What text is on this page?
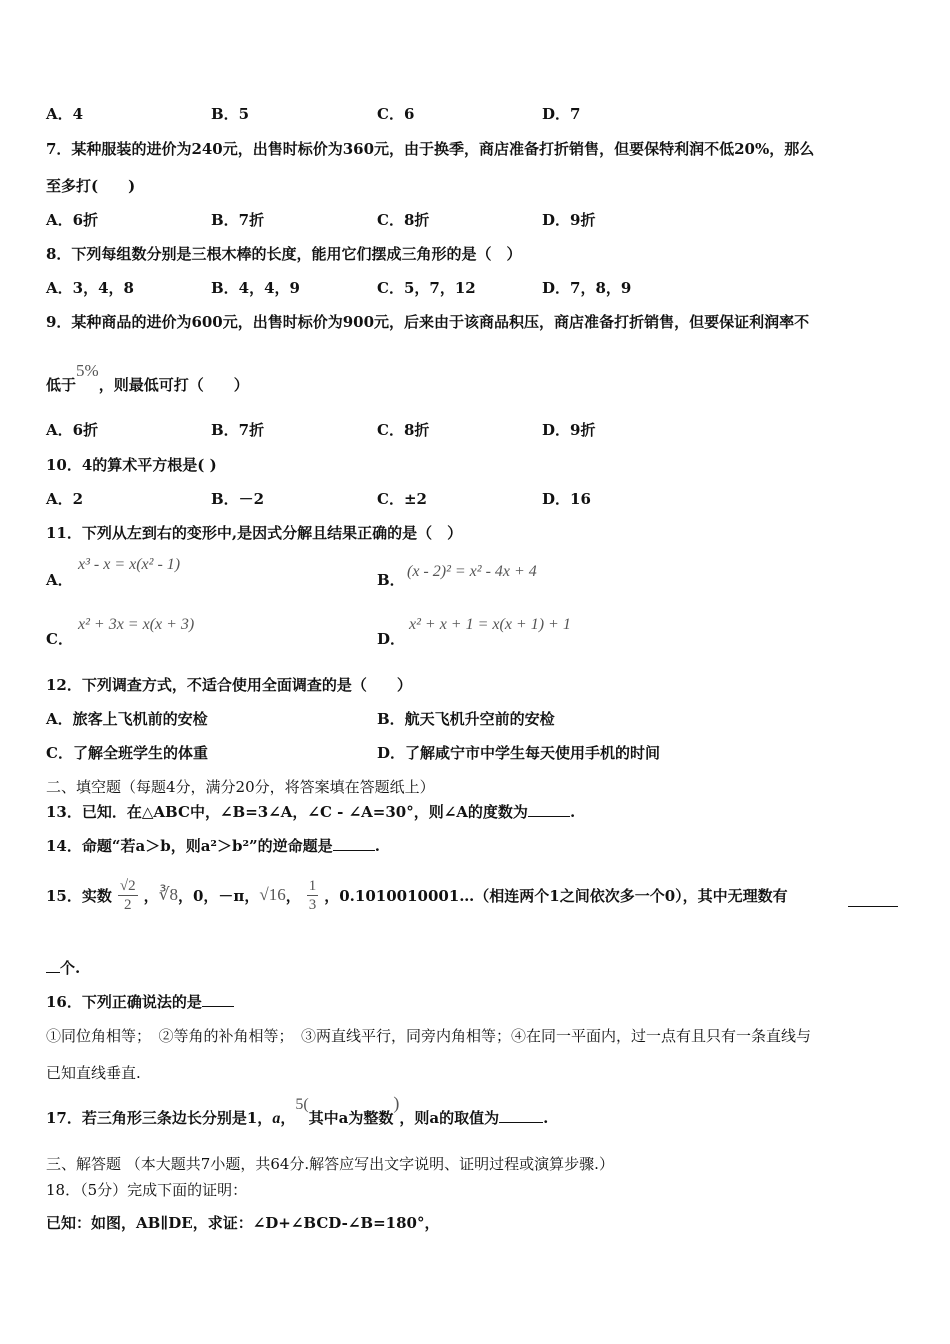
A．4	B．5	C．6	D．7
7．某种服装的进价为240元，出售时标价为360元，由于换季，商店准备打折销售，但要保特利润不低20%，那么
至多打(　　)
A．6折	B．7折	C．8折	D．9折
8．下列每组数分别是三根木棒的长度，能用它们摆成三角形的是（　）
A．3，4，8	B．4，4，9	C．5，7，12	D．7，8，9
9．某种商品的进价为600元，出售时标价为900元，后来由于该商品积压，商店准备打折销售，但要保证利润率不
低于5%，则最低可打（　　）
A．6折	B．7折	C．8折	D．9折
10．4的算术平方根是( )
A．2	B．－2	C．±2	D．16
11．下列从左到右的变形中,是因式分解且结果正确的是（　）
A．
x³ - x = x(x² - 1)
B． (x - 2)² = x² - 4x + 4
C．
x² + 3x = x(x + 3)
D．
x² + x + 1 = x(x + 1) + 1
12．下列调查方式，不适合使用全面调查的是（　　）
A．旅客上飞机前的安检	B．航天飞机升空前的安检
C．了解全班学生的体重	D．了解咸宁市中学生每天使用手机的时间
二、填空题（每题4分，满分20分，将答案填在答题纸上）
13．已知．在△ABC中，∠B=3∠A，∠C - ∠A=30°，则∠A的度数为	.
14．命题“若a＞b，则a²＞b²”的逆命题是	.
15．实数 $\frac{√2}{2}$ ， ∛8 ，0，－π， √16 ， $\frac{1}{3}$ ，0.1010010001…（相连两个1之间依次多一个0），其中无理数有
个.
16．下列正确说法的是
①同位角相等；　②等角的补角相等；　③两直线平行，同旁内角相等；④在同一平面内，过一点有且只有一条直线与
已知直线垂直.
17．若三角形三条边长分别是1，a，5(其中a为整数)，则a的取值为	.
三、解答题 （本大题共7小题，共64分.解答应写出文字说明、证明过程或演算步骤.）
18．（5分）完成下面的证明：
已知：如图，AB∥DE，求证：∠D+∠BCD-∠B=180°，
